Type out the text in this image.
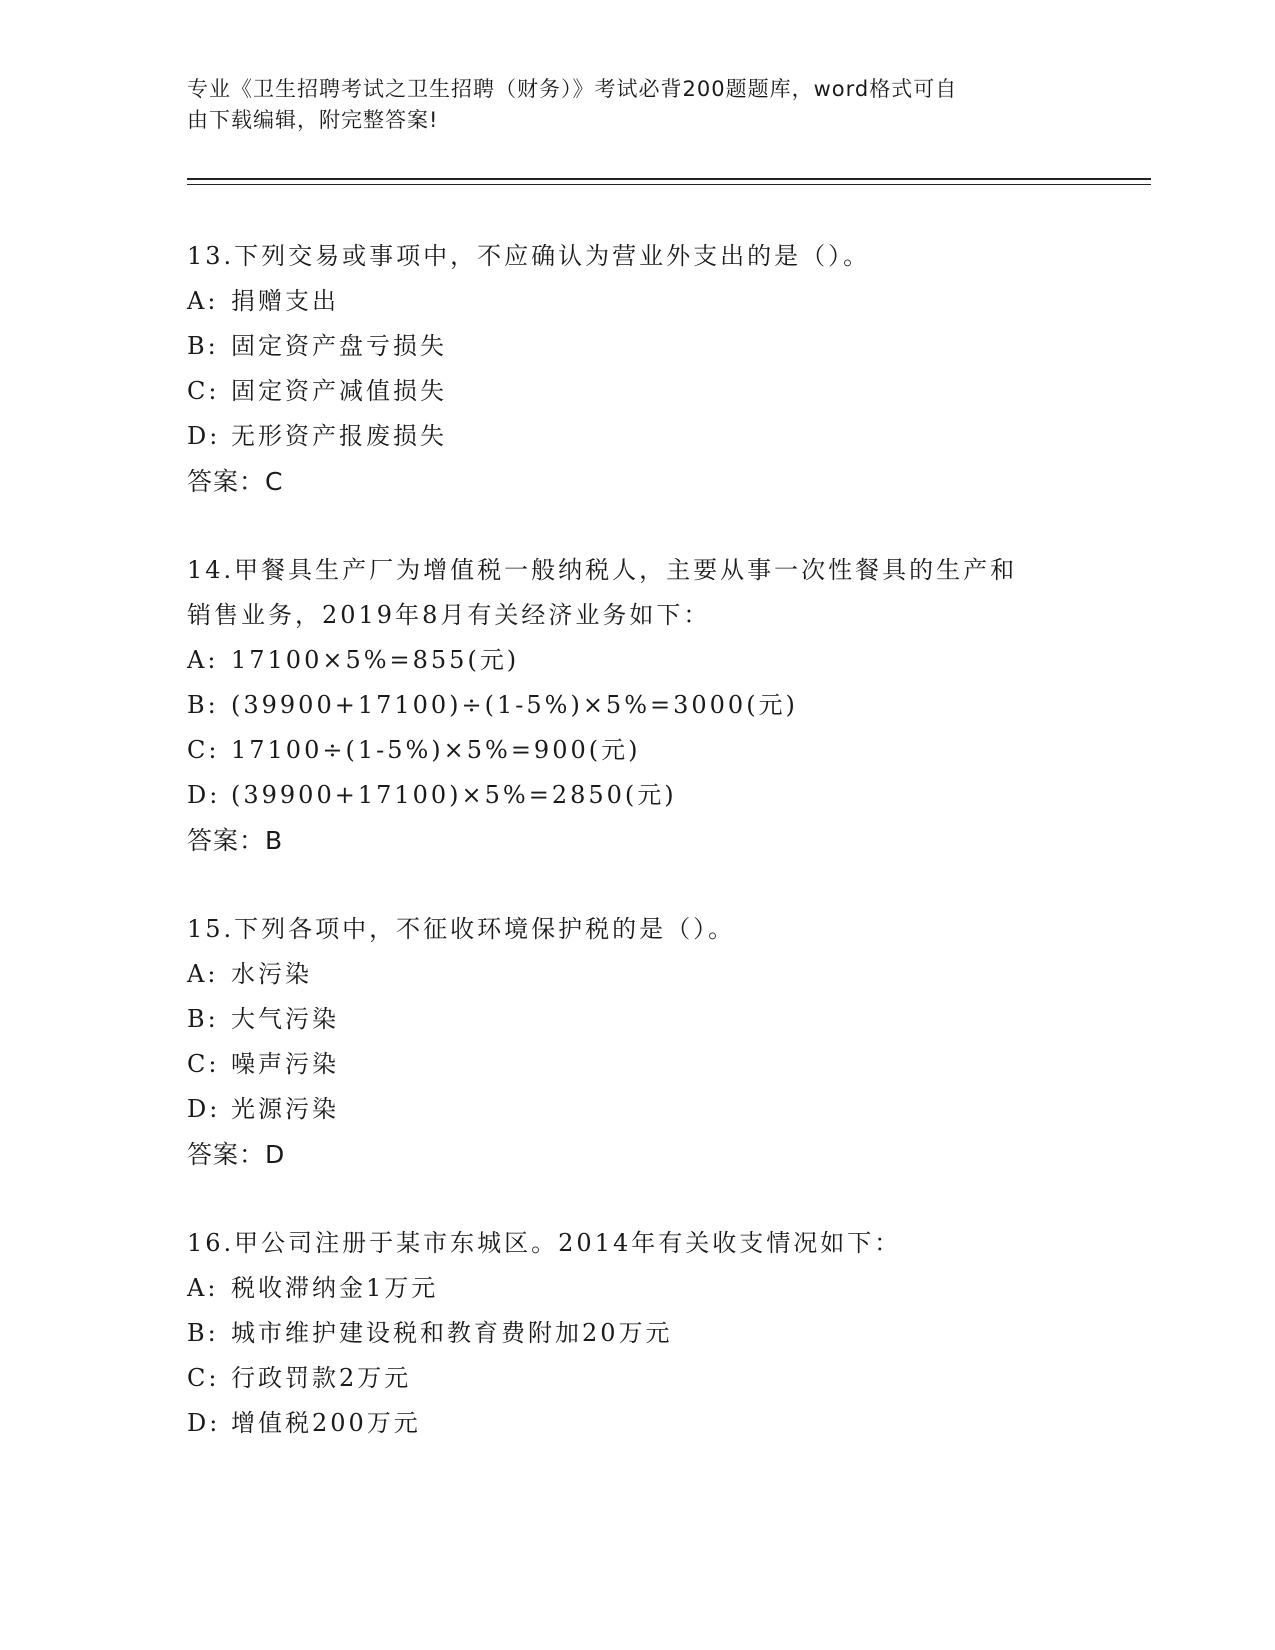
专业《卫生招聘考试之卫生招聘（财务）》考试必背200题题库，word格式可自
由下载编辑，附完整答案!
13.下列交易或事项中，不应确认为营业外支出的是（）。
A: 捐赠支出
B: 固定资产盘亏损失
C: 固定资产减值损失
D: 无形资产报废损失
答案：C
14.甲餐具生产厂为增值税一般纳税人，主要从事一次性餐具的生产和
销售业务，2019年8月有关经济业务如下：
A: 17100×5%=855(元)
B: (39900+17100)÷(1-5%)×5%=3000(元)
C: 17100÷(1-5%)×5%=900(元)
D: (39900+17100)×5%=2850(元)
答案：B
15.下列各项中，不征收环境保护税的是（）。
A: 水污染
B: 大气污染
C: 噪声污染
D: 光源污染
答案：D
16.甲公司注册于某市东城区。2014年有关收支情况如下：
A: 税收滞纳金1万元
B: 城市维护建设税和教育费附加20万元
C: 行政罚款2万元
D: 增值税200万元
